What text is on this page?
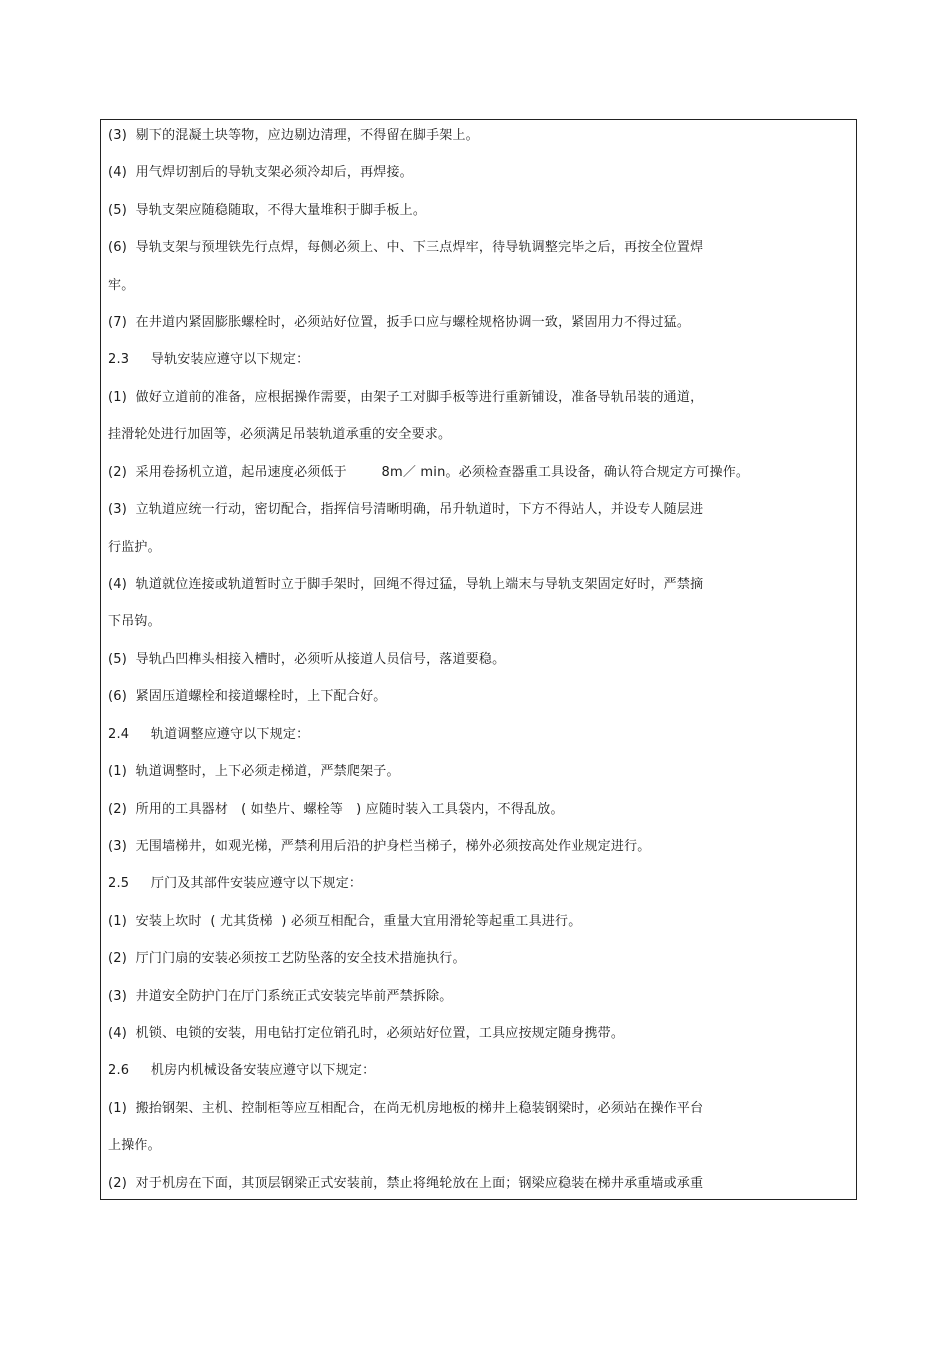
(3)  剔下的混凝土块等物，应边剔边清理，不得留在脚手架上。
(4)  用气焊切割后的导轨支架必须冷却后，再焊接。
(5)  导轨支架应随稳随取，不得大量堆积于脚手板上。
(6)  导轨支架与预埋铁先行点焊，每侧必须上、中、下三点焊牢，待导轨调整完毕之后，再按全位置焊
牢。
(7)  在井道内紧固膨胀螺栓时，必须站好位置，扳手口应与螺栓规格协调一致，紧固用力不得过猛。
2.3     导轨安装应遵守以下规定：
(1)  做好立道前的准备，应根据操作需要，由架子工对脚手板等进行重新铺设，准备导轨吊装的通道，
挂滑轮处进行加固等，必须满足吊装轨道承重的安全要求。
(2)  采用卷扬机立道，起吊速度必须低于        8m／ min。必须检查器重工具设备，确认符合规定方可操作。
(3)  立轨道应统一行动，密切配合，指挥信号清晰明确，吊升轨道时，下方不得站人，并设专人随层进
行监护。
(4)  轨道就位连接或轨道暂时立于脚手架时，回绳不得过猛，导轨上端末与导轨支架固定好时，严禁摘
下吊钩。
(5)  导轨凸凹榫头相接入槽时，必须听从接道人员信号，落道要稳。
(6)  紧固压道螺栓和接道螺栓时，上下配合好。
2.4     轨道调整应遵守以下规定：
(1)  轨道调整时，上下必须走梯道，严禁爬架子。
(2)  所用的工具器材   ( 如垫片、螺栓等   ) 应随时装入工具袋内，不得乱放。
(3)  无围墙梯井，如观光梯，严禁利用后沿的护身栏当梯子，梯外必须按高处作业规定进行。
2.5     厅门及其部件安装应遵守以下规定：
(1)  安装上坎时  ( 尤其货梯  ) 必须互相配合，重量大宜用滑轮等起重工具进行。
(2)  厅门门扇的安装必须按工艺防坠落的安全技术措施执行。
(3)  井道安全防护门在厅门系统正式安装完毕前严禁拆除。
(4)  机锁、电锁的安装，用电钻打定位销孔时，必须站好位置，工具应按规定随身携带。
2.6     机房内机械设备安装应遵守以下规定：
(1)  搬抬钢架、主机、控制柜等应互相配合，在尚无机房地板的梯井上稳装钢梁时，必须站在操作平台
上操作。
(2)  对于机房在下面，其顶层钢梁正式安装前，禁止将绳轮放在上面；钢梁应稳装在梯井承重墙或承重
